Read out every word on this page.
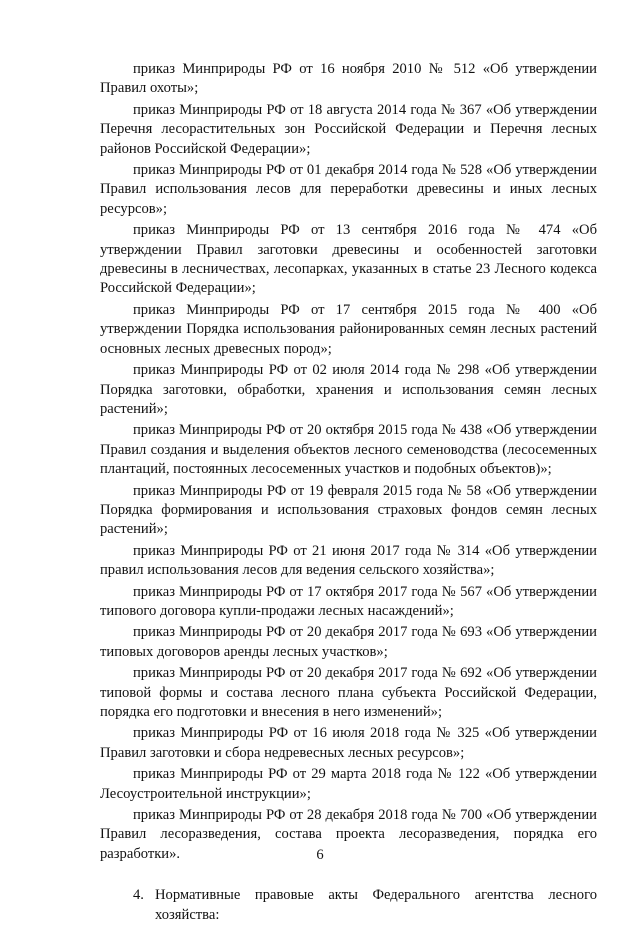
приказ Минприроды РФ от 16 ноября 2010 № 512 «Об утверждении Правил охоты»;

приказ Минприроды РФ от 18 августа 2014 года № 367 «Об утверждении Перечня лесорастительных зон Российской Федерации и Перечня лесных районов Российской Федерации»;

приказ Минприроды РФ от 01 декабря 2014 года № 528 «Об утверждении Правил использования лесов для переработки древесины и иных лесных ресурсов»;

приказ Минприроды РФ от 13 сентября 2016 года № 474 «Об утверждении Правил заготовки древесины и особенностей заготовки древесины в лесничествах, лесопарках, указанных в статье 23 Лесного кодекса Российской Федерации»;

приказ Минприроды РФ от 17 сентября 2015 года № 400 «Об утверждении Порядка использования районированных семян лесных растений основных лесных древесных пород»;

приказ Минприроды РФ от 02 июля 2014 года № 298 «Об утверждении Порядка заготовки, обработки, хранения и использования семян лесных растений»;

приказ Минприроды РФ от 20 октября 2015 года № 438 «Об утверждении Правил создания и выделения объектов лесного семеноводства (лесосеменных плантаций, постоянных лесосеменных участков и подобных объектов)»;

приказ Минприроды РФ от 19 февраля 2015 года № 58 «Об утверждении Порядка формирования и использования страховых фондов семян лесных растений»;

приказ Минприроды РФ от 21 июня 2017 года № 314 «Об утверждении правил использования лесов для ведения сельского хозяйства»;

приказ Минприроды РФ от 17 октября 2017 года № 567 «Об утверждении типового договора купли-продажи лесных насаждений»;

приказ Минприроды РФ от 20 декабря 2017 года № 693 «Об утверждении типовых договоров аренды лесных участков»;

приказ Минприроды РФ от 20 декабря 2017 года № 692 «Об утверждении типовой формы и состава лесного плана субъекта Российской Федерации, порядка его подготовки и внесения в него изменений»;

приказ Минприроды РФ от 16 июля 2018 года № 325 «Об утверждении Правил заготовки и сбора недревесных лесных ресурсов»;

приказ Минприроды РФ от 29 марта 2018 года № 122 «Об утверждении Лесоустроительной инструкции»;

приказ Минприроды РФ от 28 декабря 2018 года № 700 «Об утверждении Правил лесоразведения, состава проекта лесоразведения, порядка его разработки».

4. Нормативные правовые акты Федерального агентства лесного хозяйства:
6
